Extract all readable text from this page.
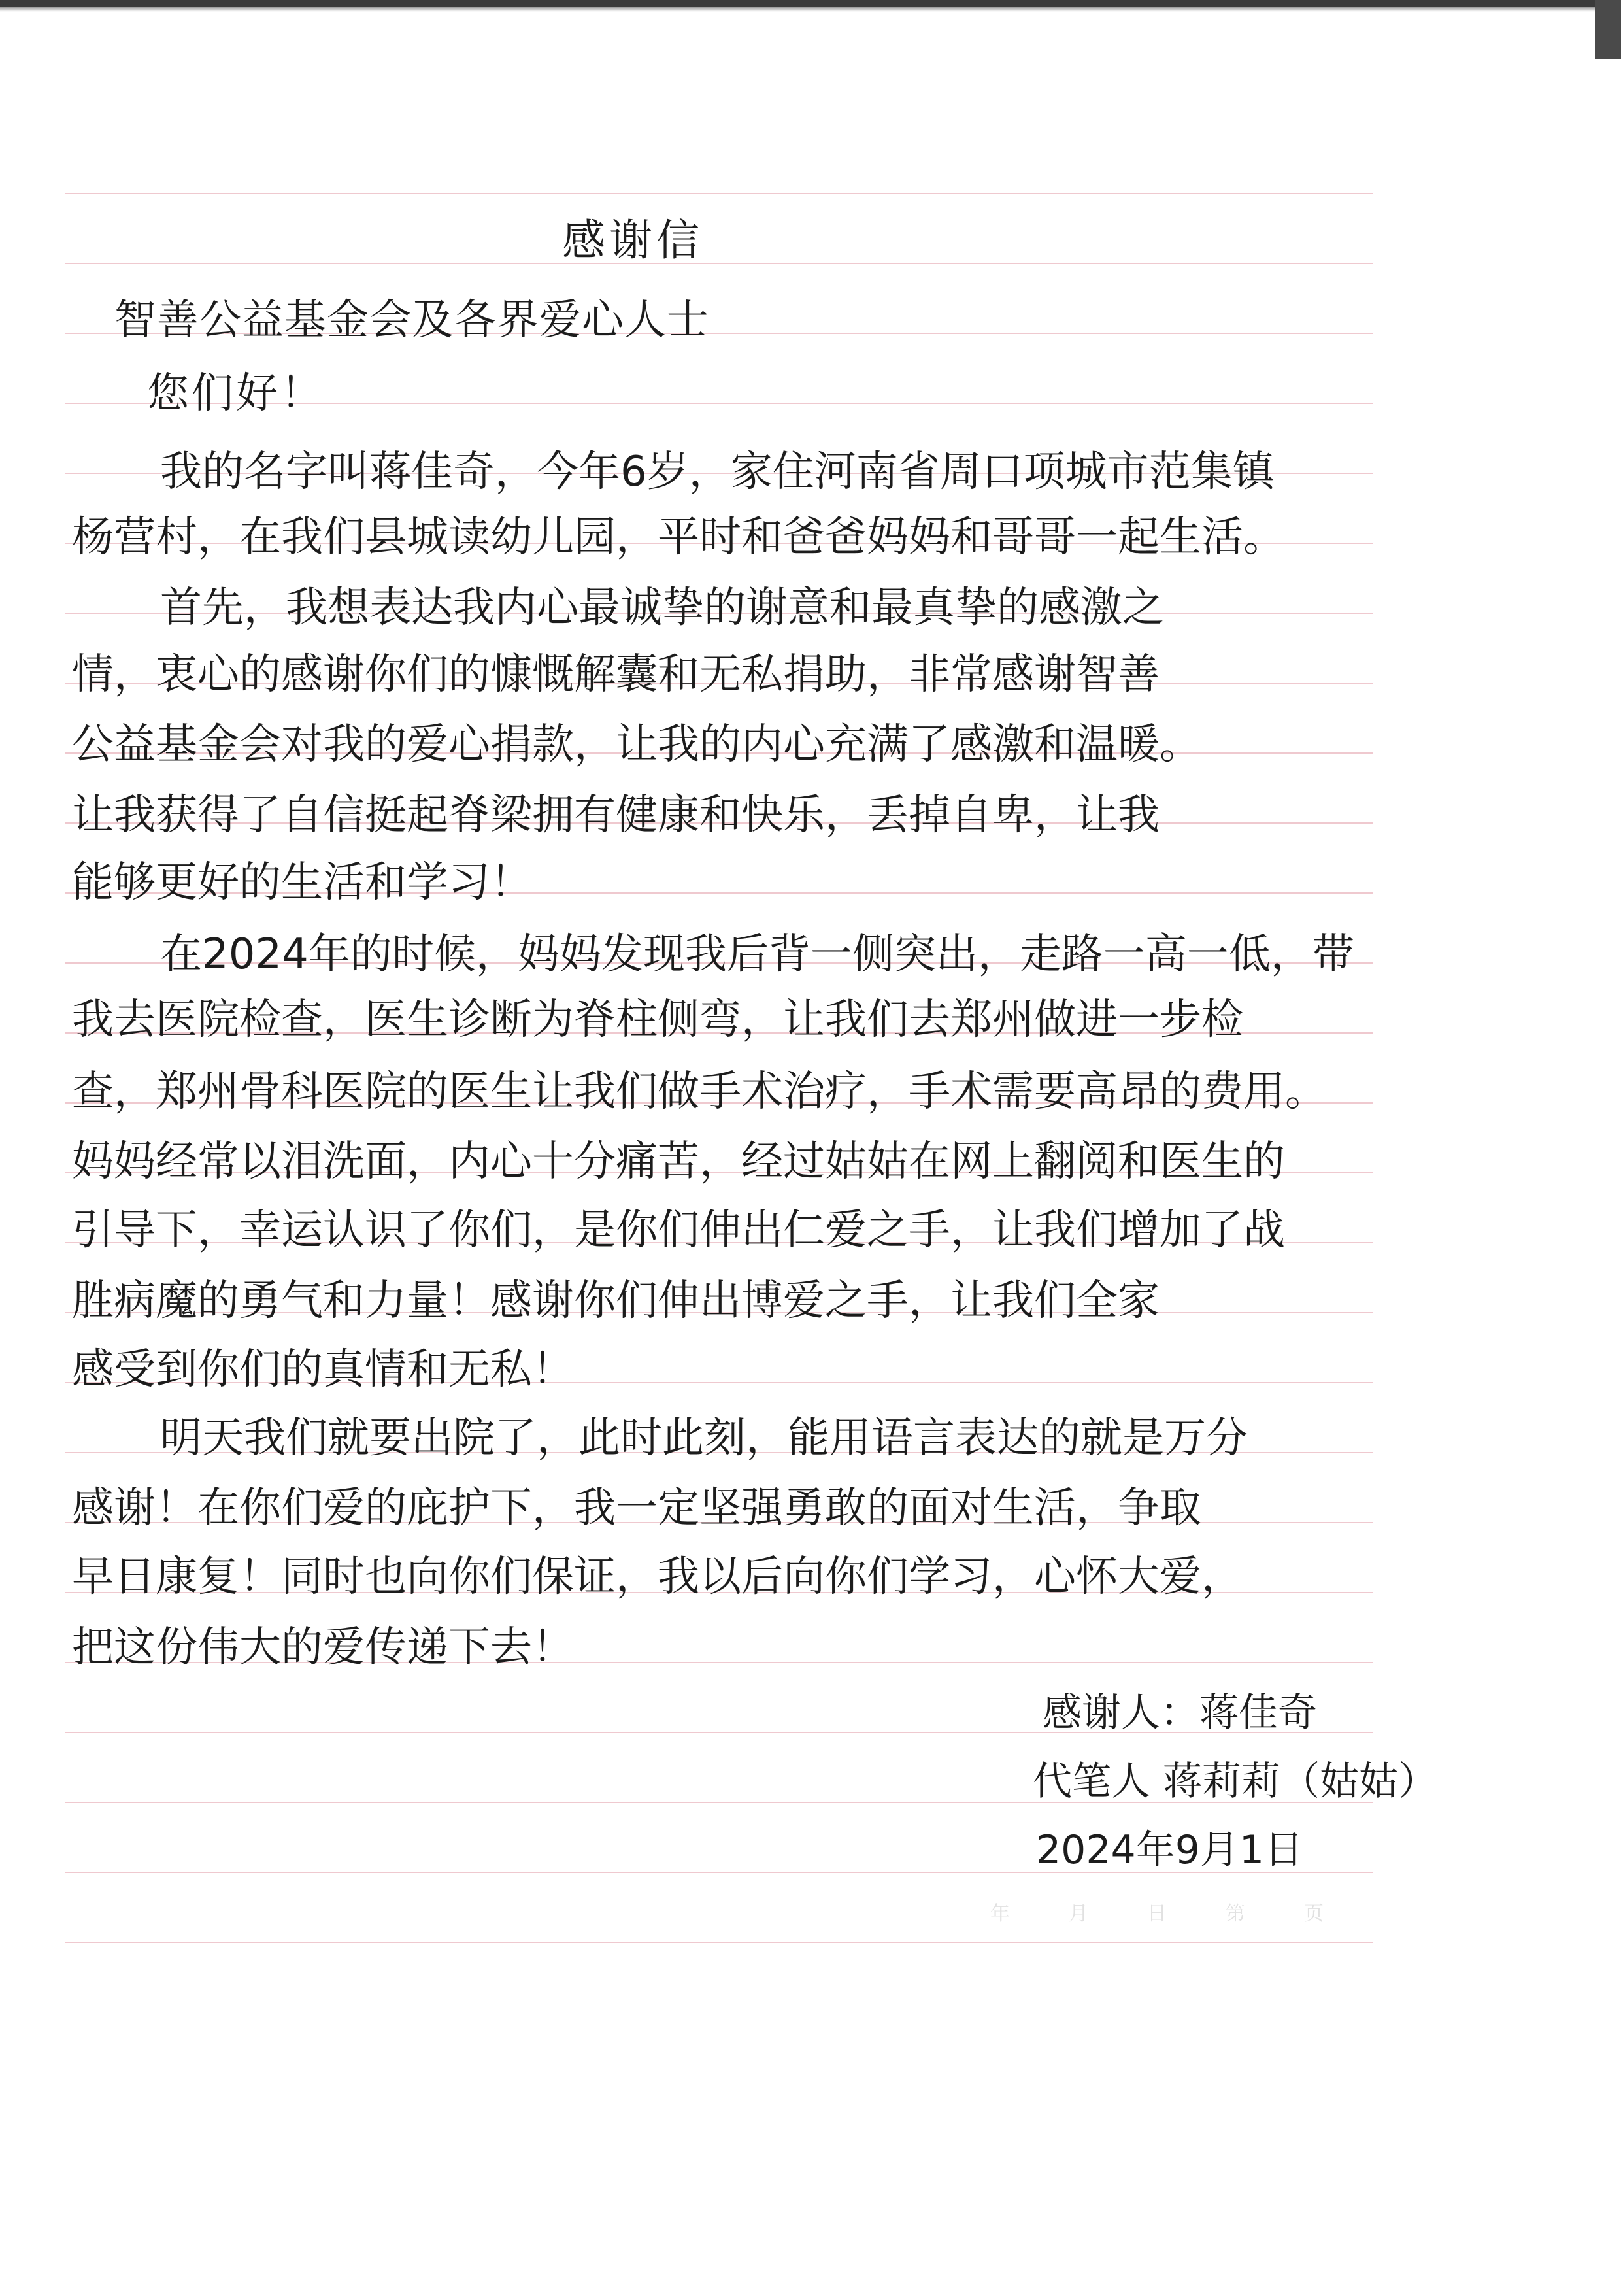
感谢信

智善公益基金会及各界爱心人士

您们好！

我的名字叫蒋佳奇，今年6岁，家住河南省周口项城市范集镇

杨营村，在我们县城读幼儿园，平时和爸爸妈妈和哥哥一起生活。

首先，我想表达我内心最诚挚的谢意和最真挚的感激之

情，衷心的感谢你们的慷慨解囊和无私捐助，非常感谢智善

公益基金会对我的爱心捐款，让我的内心充满了感激和温暖。

让我获得了自信挺起脊梁拥有健康和快乐，丢掉自卑，让我

能够更好的生活和学习！

在2024年的时候，妈妈发现我后背一侧突出，走路一高一低，带

我去医院检查，医生诊断为脊柱侧弯，让我们去郑州做进一步检

查，郑州骨科医院的医生让我们做手术治疗，手术需要高昂的费用。

妈妈经常以泪洗面，内心十分痛苦，经过姑姑在网上翻阅和医生的

引导下，幸运认识了你们，是你们伸出仁爱之手，让我们增加了战

胜病魔的勇气和力量！感谢你们伸出博爱之手，让我们全家

感受到你们的真情和无私！

明天我们就要出院了，此时此刻，能用语言表达的就是万分

感谢！在你们爱的庇护下，我一定坚强勇敢的面对生活，争取

早日康复！同时也向你们保证，我以后向你们学习，心怀大爱，

把这份伟大的爱传递下去！

感谢人：蒋佳奇

代笔人 蒋莉莉（姑姑）

2024年9月1日

年	月	日	第	页
